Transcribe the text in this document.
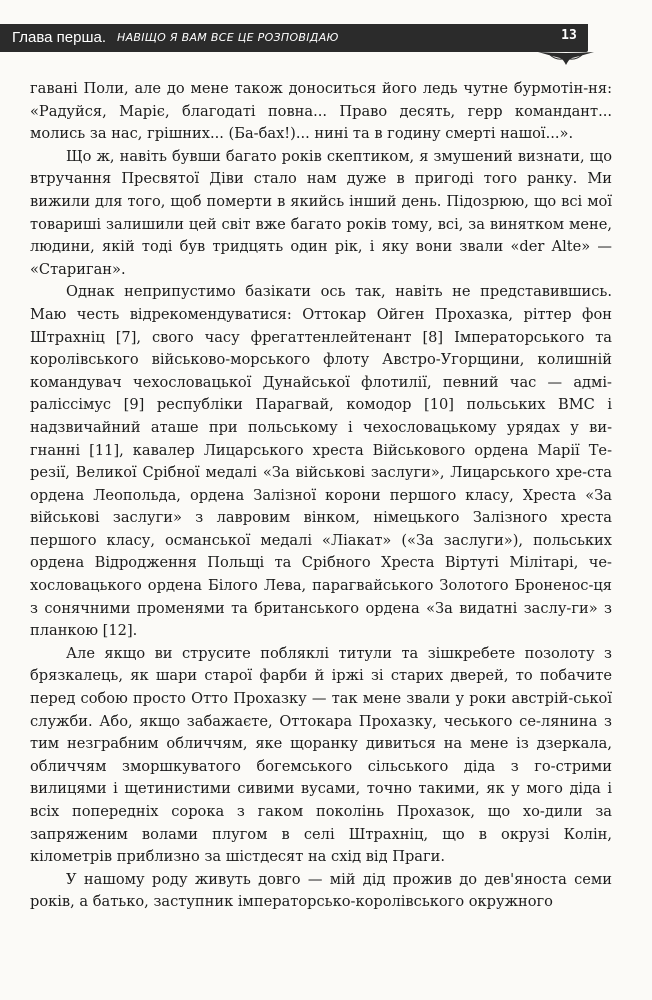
Глава перша. НАВІЩО Я ВАМ ВСЕ ЦЕ РОЗПОВІДАЮ	13

гавані Поли, але до мене також доноситься його ледь чутне бурмотін-ня: «Радуйся, Маріє, благодаті повна... Право десять, герр командант... молись за нас, грішних... (Ба-бах!)... нині та в годину смерті нашої...».

Що ж, навіть бувши багато років скептиком, я змушений визнати, що втручання Пресвятої Діви стало нам дуже в пригоді того ранку. Ми вижили для того, щоб померти в якийсь інший день. Підозрюю, що всі мої товариші залишили цей світ вже багато років тому, всі, за винятком мене, людини, якій тоді був тридцять один рік, і яку вони звали «der Alte» — «Стариган».

Однак неприпустимо базікати ось так, навіть не представившись. Маю честь відрекомендуватися: Оттокар Ойген Прохазка, ріттер фон Штрахніц [7], свого часу фрегаттенлейтенант [8] Імператорського та королівського військово-морського флоту Австро-Угорщини, колишній командувач чехословацької Дунайської флотилії, певний час — адмі-ралісcімус [9] республіки Парагвай, комодор [10] польських ВМС і надзвичайний аташе при польському і чехословацькому урядах у ви-гнанні [11], кавалер Лицарського хреста Військового ордена Марії Те-резії, Великої Срібної медалі «За військові заслуги», Лицарського хре-ста ордена Леопольда, ордена Залізної корони першого класу, Хреста «За військові заслуги» з лавровим вінком, німецького Залізного хреста першого класу, османської медалі «Ліакат» («За заслуги»), польських ордена Відродження Польщі та Срібного Хреста Віртуті Мілітарі, че-хословацького ордена Білого Лева, парагвайського Золотого Броненос-ця з сонячними променями та британського ордена «За видатні заслу-ги» з планкою [12].

Але якщо ви струсите побляклі титули та зішкребете позолоту з брязкалець, як шари старої фарби й іржі зі старих дверей, то побачите перед собою просто Отто Прохазку — так мене звали у роки австрій-ської служби. Або, якщо забажаєте, Оттокара Прохазку, чеського се-лянина з тим незграбним обличчям, яке щоранку дивиться на мене із дзеркала, обличчям зморшкуватого богемського сільського діда з го-стрими вилицями і щетинистими сивими вусами, точно такими, як у мого діда і всіх попередніх сорока з гаком поколінь Прохазок, що хо-дили за запряженим волами плугом в селі Штрахніц, що в окрузі Колін, кілометрів приблизно за шістдесят на схід від Праги.

У нашому роду живуть довго — мій дід прожив до дев'яноста семи років, а батько, заступник імператорсько-королівського окружного
